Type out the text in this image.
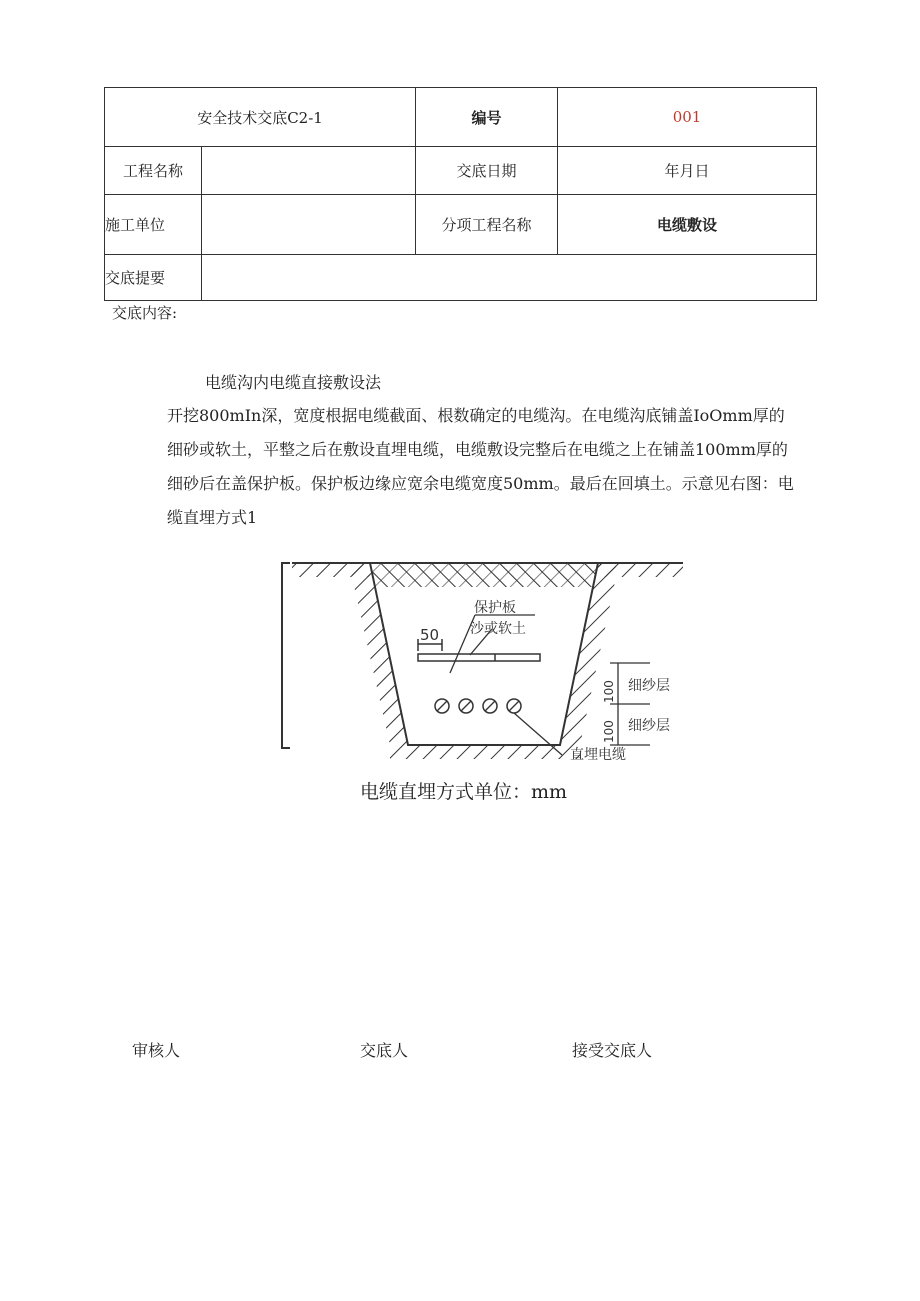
安全技术交底C2-1		编号	001
工程名称		交底日期	年月日
施工单位		分项工程名称	电缆敷设
交底提要			
交底内容:
电缆沟内电缆直接敷设法
开挖800mIn深，宽度根据电缆截面、根数确定的电缆沟。在电缆沟底铺盖IoOmm厚的
细砂或软土，平整之后在敷设直埋电缆，电缆敷设完整后在电缆之上在铺盖100mm厚的
细砂后在盖保护板。保护板边缘应宽余电缆宽度50mm。最后在回填土。示意见右图：电
缆直埋方式1
50
保护板
沙或软土
直埋电缆
100
100
细纱层
细纱层
电缆直埋方式单位：mm
审核人	交底人	接受交底人
